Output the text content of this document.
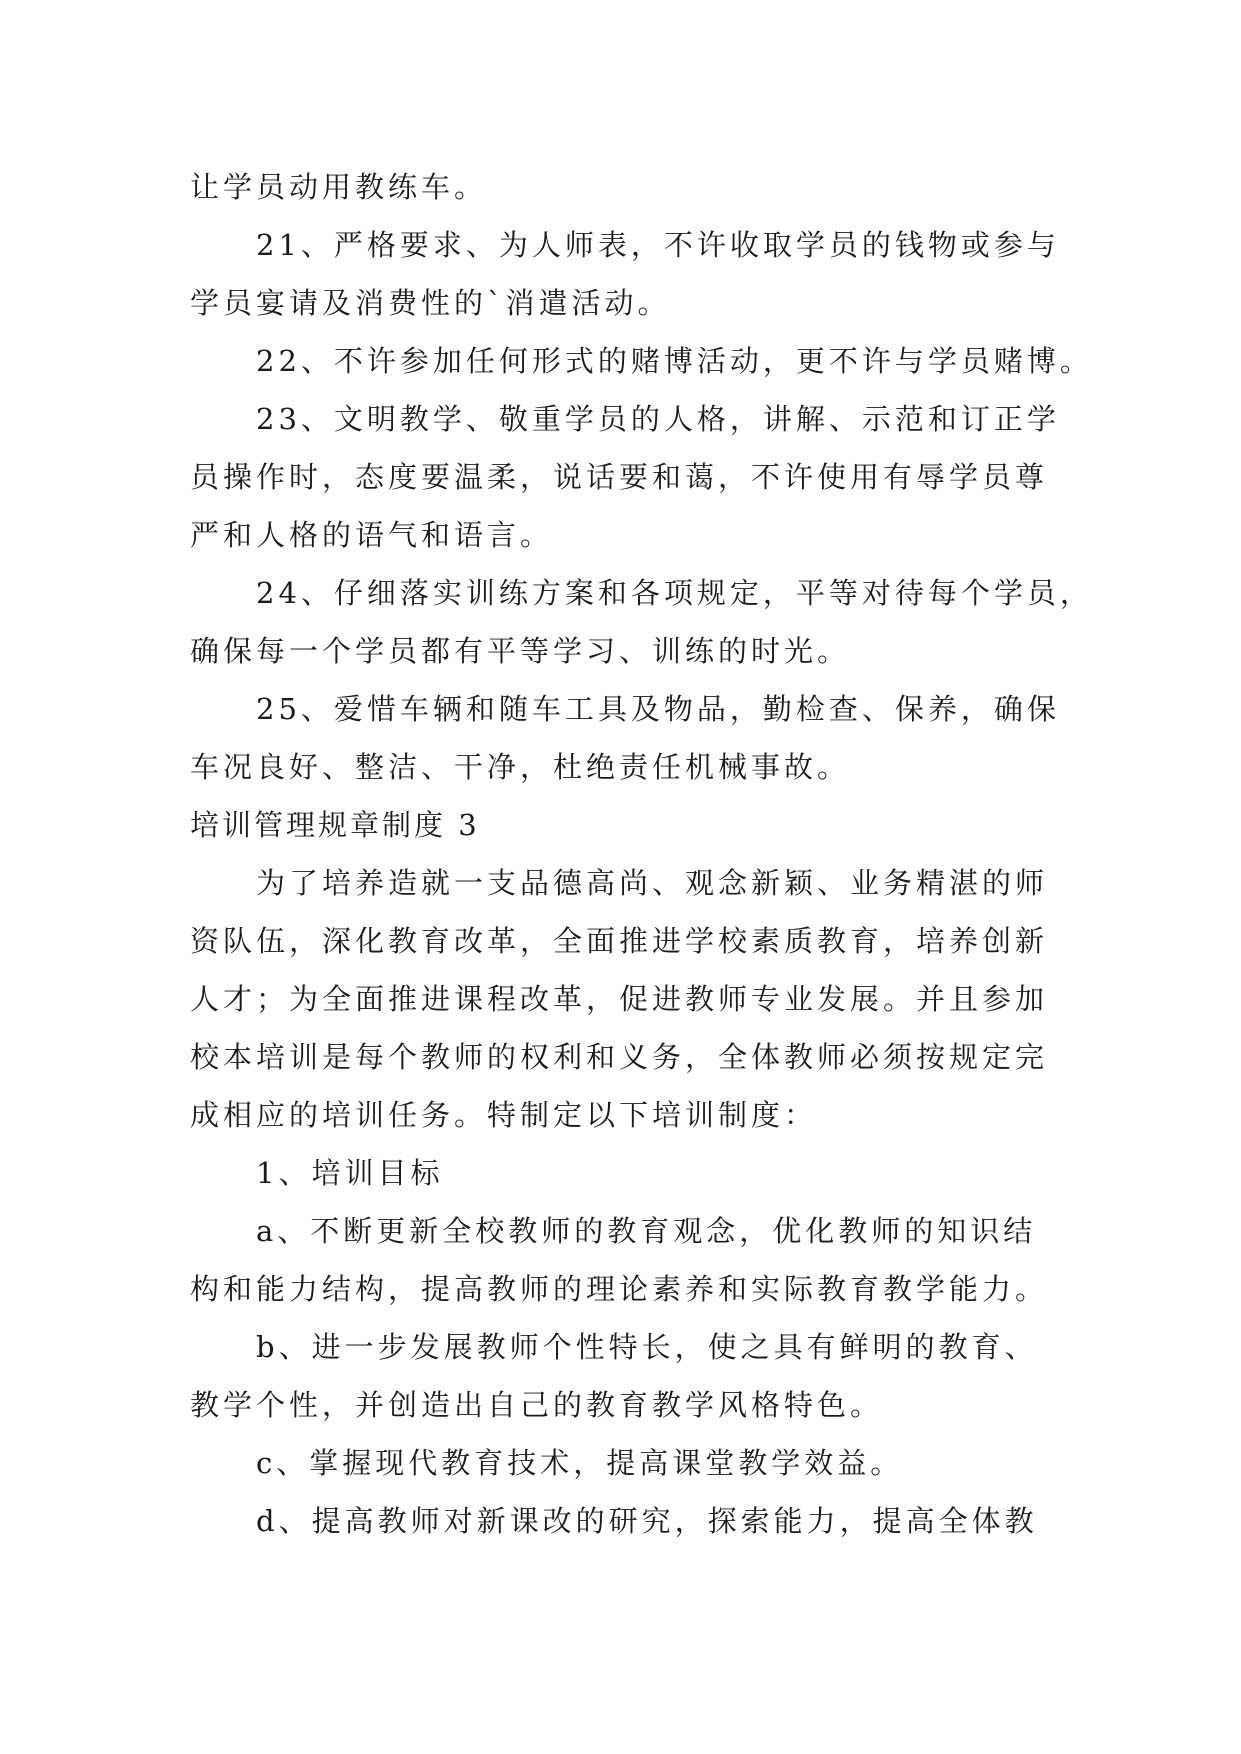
让学员动用教练车。
21、严格要求、为人师表，不许收取学员的钱物或参与
学员宴请及消费性的`消遣活动。
22、不许参加任何形式的赌博活动，更不许与学员赌博。
23、文明教学、敬重学员的人格，讲解、示范和订正学
员操作时，态度要温柔，说话要和蔼，不许使用有辱学员尊
严和人格的语气和语言。
24、仔细落实训练方案和各项规定，平等对待每个学员，
确保每一个学员都有平等学习、训练的时光。
25、爱惜车辆和随车工具及物品，勤检查、保养，确保
车况良好、整洁、干净，杜绝责任机械事故。
培训管理规章制度 3
为了培养造就一支品德高尚、观念新颖、业务精湛的师
资队伍，深化教育改革，全面推进学校素质教育，培养创新
人才；为全面推进课程改革，促进教师专业发展。并且参加
校本培训是每个教师的权利和义务，全体教师必须按规定完
成相应的培训任务。特制定以下培训制度：
1、培训目标
a、不断更新全校教师的教育观念，优化教师的知识结
构和能力结构，提高教师的理论素养和实际教育教学能力。
b、进一步发展教师个性特长，使之具有鲜明的教育、
教学个性，并创造出自己的教育教学风格特色。
c、掌握现代教育技术，提高课堂教学效益。
d、提高教师对新课改的研究，探索能力，提高全体教
